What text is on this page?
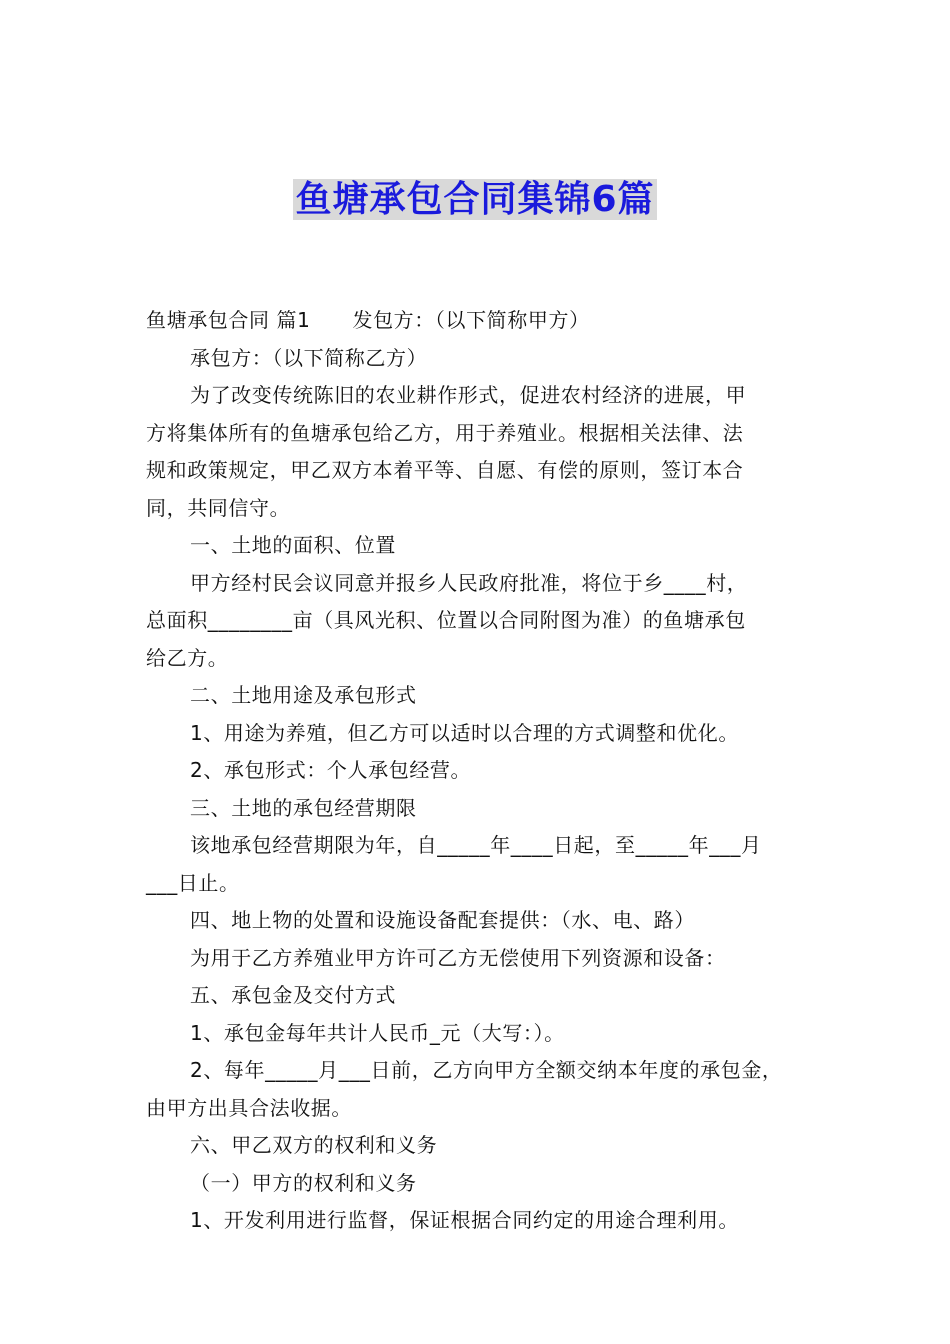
鱼塘承包合同集锦6篇

鱼塘承包合同 篇1 发包方：（以下简称甲方）

承包方：（以下简称乙方）

为了改变传统陈旧的农业耕作形式，促进农村经济的进展，甲

方将集体所有的鱼塘承包给乙方，用于养殖业。根据相关法律、法

规和政策规定，甲乙双方本着平等、自愿、有偿的原则，签订本合

同，共同信守。

一、土地的面积、位置

甲方经村民会议同意并报乡人民政府批准，将位于乡____村，

总面积________亩（具风光积、位置以合同附图为准）的鱼塘承包

给乙方。

二、土地用途及承包形式

1、用途为养殖，但乙方可以适时以合理的方式调整和优化。

2、承包形式：个人承包经营。

三、土地的承包经营期限

该地承包经营期限为年，自_____年____日起，至_____年___月

___日止。

四、地上物的处置和设施设备配套提供：（水、电、路）

为用于乙方养殖业甲方许可乙方无偿使用下列资源和设备：

五、承包金及交付方式

1、承包金每年共计人民币_元（大写：）。

2、每年_____月___日前，乙方向甲方全额交纳本年度的承包金，

由甲方出具合法收据。

六、甲乙双方的权利和义务

（一）甲方的权利和义务

1、开发利用进行监督，保证根据合同约定的用途合理利用。
